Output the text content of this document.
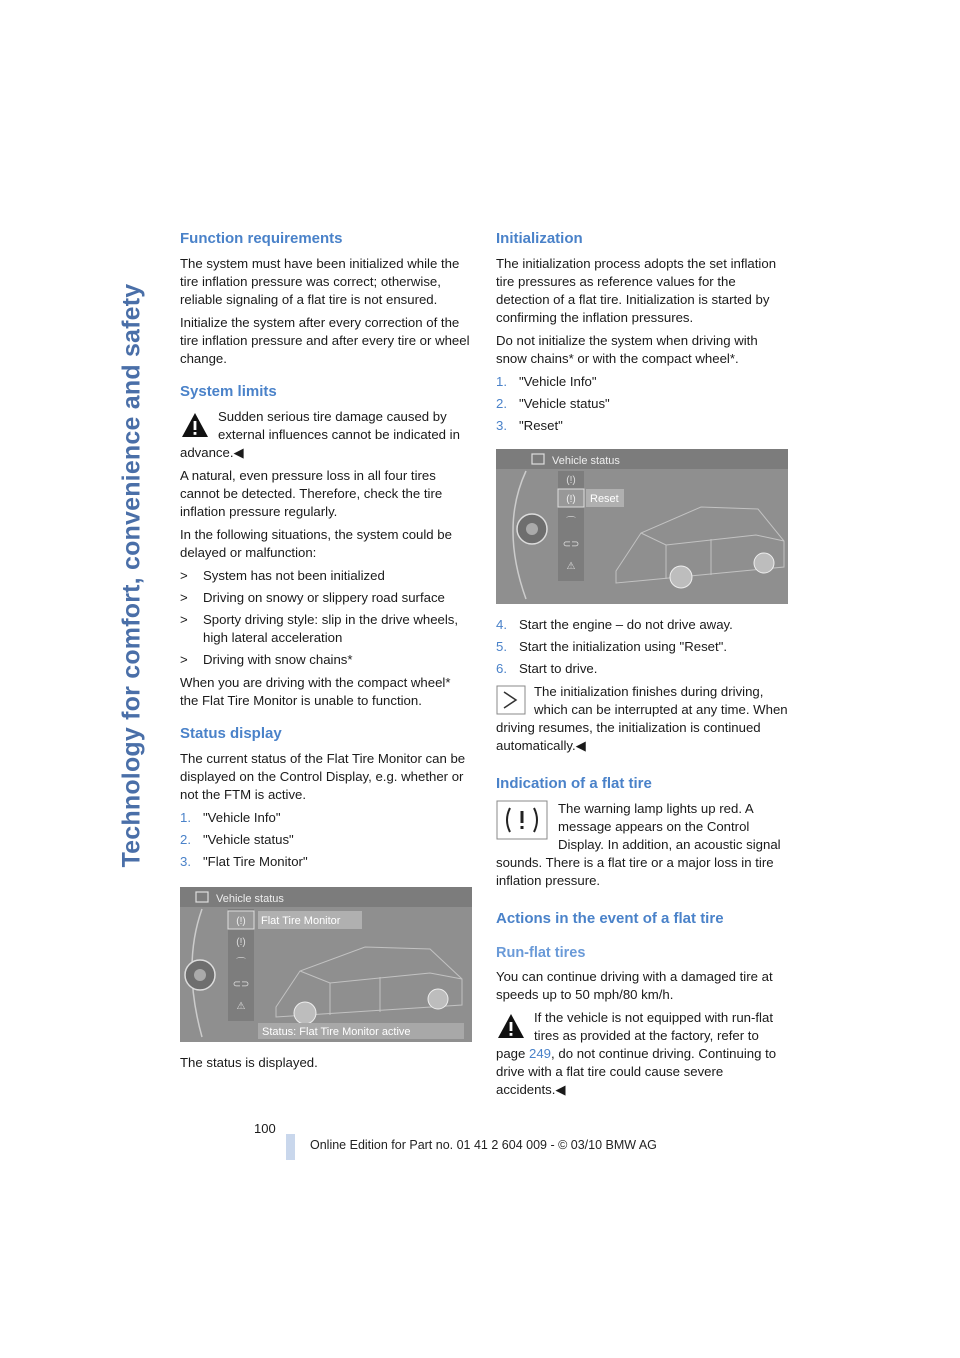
Technology for comfort, convenience and safety
Function requirements

The system must have been initialized while the tire inflation pressure was correct; otherwise, reliable signaling of a flat tire is not ensured.

Initialize the system after every correction of the tire inflation pressure and after every tire or wheel change.

System limits

Sudden serious tire damage caused by external influences cannot be indicated in advance.◀

A natural, even pressure loss in all four tires cannot be detected. Therefore, check the tire inflation pressure regularly.

In the following situations, the system could be delayed or malfunction:

>	System has not been initialized
>	Driving on snowy or slippery road surface
>	Sporty driving style: slip in the drive wheels, high lateral acceleration
>	Driving with snow chains*

When you are driving with the compact wheel* the Flat Tire Monitor is unable to function.

Status display

The current status of the Flat Tire Monitor can be displayed on the Control Display, e.g. whether or not the FTM is active.

1. "Vehicle Info"
2. "Vehicle status"
3. "Flat Tire Monitor"
Vehicle status
(!)
(!)
⌒
⊂⊃
⚠
Flat Tire Monitor
Status: Flat Tire Monitor active

The status is displayed.

Initialization

The initialization process adopts the set inflation tire pressures as reference values for the detection of a flat tire. Initialization is started by confirming the inflation pressures.

Do not initialize the system when driving with snow chains* or with the compact wheel*.

1. "Vehicle Info"
2. "Vehicle status"
3. "Reset"
Vehicle status
(!)
(!)
⌒
⊂⊃
⚠
Reset
4. Start the engine – do not drive away.
5. Start the initialization using "Reset".
6. Start to drive.

The initialization finishes during driving, which can be interrupted at any time. When driving resumes, the initialization is continued automatically.◀

Indication of a flat tire

The warning lamp lights up red. A message appears on the Control Display. In addition, an acoustic signal sounds. There is a flat tire or a major loss in tire inflation pressure.

Actions in the event of a flat tire
Run-flat tires

You can continue driving with a damaged tire at speeds up to 50 mph/80 km/h.

If the vehicle is not equipped with run-flat tires as provided at the factory, refer to page 249, do not continue driving. Continuing to drive with a flat tire could cause severe accidents.◀

100
Online Edition for Part no. 01 41 2 604 009 - © 03/10 BMW AG
